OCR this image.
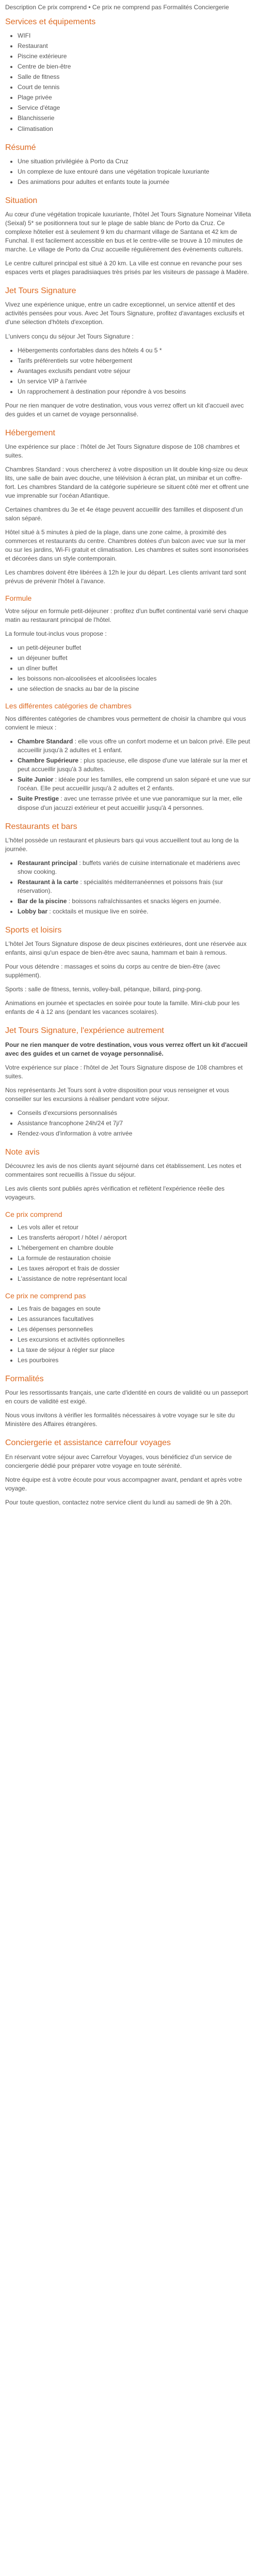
Description Ce prix comprend • Ce prix ne comprend pas Formalités Conciergerie

Services et équipements
• WIFI
• Restaurant
• Piscine extérieure
• Centre de bien-être
• Salle de fitness
• Court de tennis
• Plage privée
• Service d'étage
• Blanchisserie
• Climatisation
Résumé
• Une situation privilégiée à Porto da Cruz
• Un complexe de luxe entouré dans une végétation tropicale luxuriante
• Des animations pour adultes et enfants toute la journée
Situation

Au cœur d'une végétation tropicale luxuriante, l'hôtel Jet Tours Signature Nomeinar Villeta (Seixal) 5* se positionnera tout sur le plage de sable blanc de Porto da Cruz. Ce complexe hôtelier est à seulement 9 km du charmant village de Santana et 42 km de Funchal. Il est facilement accessible en bus et le centre-ville se trouve à 10 minutes de marche. Le village de Porto da Cruz accueille régulièrement des évènements culturels.

Le centre culturel principal est situé à 20 km. La ville est connue en revanche pour ses espaces verts et plages paradisiaques très prisés par les visiteurs de passage à Madère.

Jet Tours Signature

Vivez une expérience unique, entre un cadre exceptionnel, un service attentif et des activités pensées pour vous. Avec Jet Tours Signature, profitez d'avantages exclusifs et d'une sélection d'hôtels d'exception.

L'univers conçu du séjour Jet Tours Signature :

• Hébergements confortables dans des hôtels 4 ou 5 *
• Tarifs préférentiels sur votre hébergement
• Avantages exclusifs pendant votre séjour
• Un service VIP à l'arrivée
• Un rapprochement à destination pour répondre à vos besoins

Pour ne rien manquer de votre destination, vous vous verrez offert un kit d'accueil avec des guides et un carnet de voyage personnalisé.

Hébergement

Une expérience sur place : l'hôtel de Jet Tours Signature dispose de 108 chambres et suites.

Chambres Standard : vous chercherez à votre disposition un lit double king-size ou deux lits, une salle de bain avec douche, une télévision à écran plat, un minibar et un coffre-fort. Les chambres Standard de la catégorie supérieure se situent côté mer et offrent une vue imprenable sur l'océan Atlantique.

Certaines chambres du 3e et 4e étage peuvent accueillir des familles et disposent d'un salon séparé.

Hôtel situé à 5 minutes à pied de la plage, dans une zone calme, à proximité des commerces et restaurants du centre. Chambres dotées d'un balcon avec vue sur la mer ou sur les jardins, Wi-Fi gratuit et climatisation. Les chambres et suites sont insonorisées et décorées dans un style contemporain.

Les chambres doivent être libérées à 12h le jour du départ. Les clients arrivant tard sont prévus de prévenir l'hôtel à l'avance.

Formule

Votre séjour en formule petit-déjeuner : profitez d'un buffet continental varié servi chaque matin au restaurant principal de l'hôtel.

La formule tout-inclus vous propose :

• un petit-déjeuner buffet
• un déjeuner buffet
• un dîner buffet
• les boissons non-alcoolisées et alcoolisées locales
• une sélection de snacks au bar de la piscine
Les différentes catégories de chambres

Nos différentes catégories de chambres vous permettent de choisir la chambre qui vous convient le mieux :

• Chambre Standard : elle vous offre un confort moderne et un balcon privé. Elle peut accueillir jusqu'à 2 adultes et 1 enfant.
• Chambre Supérieure : plus spacieuse, elle dispose d'une vue latérale sur la mer et peut accueillir jusqu'à 3 adultes.
• Suite Junior : idéale pour les familles, elle comprend un salon séparé et une vue sur l'océan. Elle peut accueillir jusqu'à 2 adultes et 2 enfants.
• Suite Prestige : avec une terrasse privée et une vue panoramique sur la mer, elle dispose d'un jacuzzi extérieur et peut accueillir jusqu'à 4 personnes.
Restaurants et bars

L'hôtel possède un restaurant et plusieurs bars qui vous accueillent tout au long de la journée.

• Restaurant principal : buffets variés de cuisine internationale et madériens avec show cooking.
• Restaurant à la carte : spécialités méditerranéennes et poissons frais (sur réservation).
• Bar de la piscine : boissons rafraîchissantes et snacks légers en journée.
• Lobby bar : cocktails et musique live en soirée.
Sports et loisirs

L'hôtel Jet Tours Signature dispose de deux piscines extérieures, dont une réservée aux enfants, ainsi qu'un espace de bien-être avec sauna, hammam et bain à remous.

Pour vous détendre : massages et soins du corps au centre de bien-être (avec supplément).

Sports : salle de fitness, tennis, volley-ball, pétanque, billard, ping-pong.

Animations en journée et spectacles en soirée pour toute la famille. Mini-club pour les enfants de 4 à 12 ans (pendant les vacances scolaires).

Jet Tours Signature, l'expérience autrement

Pour ne rien manquer de votre destination, vous vous verrez offert un kit d'accueil avec des guides et un carnet de voyage personnalisé.

Votre expérience sur place : l'hôtel de Jet Tours Signature dispose de 108 chambres et suites.

Nos représentants Jet Tours sont à votre disposition pour vous renseigner et vous conseiller sur les excursions à réaliser pendant votre séjour.

• Conseils d'excursions personnalisés
• Assistance francophone 24h/24 et 7j/7
• Rendez-vous d'information à votre arrivée
Note avis

Découvrez les avis de nos clients ayant séjourné dans cet établissement. Les notes et commentaires sont recueillis à l'issue du séjour.

Les avis clients sont publiés après vérification et reflètent l'expérience réelle des voyageurs.

Ce prix comprend
• Les vols aller et retour
• Les transferts aéroport / hôtel / aéroport
• L'hébergement en chambre double
• La formule de restauration choisie
• Les taxes aéroport et frais de dossier
• L'assistance de notre représentant local
Ce prix ne comprend pas
• Les frais de bagages en soute
• Les assurances facultatives
• Les dépenses personnelles
• Les excursions et activités optionnelles
• La taxe de séjour à régler sur place
• Les pourboires
Formalités

Pour les ressortissants français, une carte d'identité en cours de validité ou un passeport en cours de validité est exigé.

Nous vous invitons à vérifier les formalités nécessaires à votre voyage sur le site du Ministère des Affaires étrangères.

Conciergerie et assistance carrefour voyages

En réservant votre séjour avec Carrefour Voyages, vous bénéficiez d'un service de conciergerie dédié pour préparer votre voyage en toute sérénité.

Notre équipe est à votre écoute pour vous accompagner avant, pendant et après votre voyage.

Pour toute question, contactez notre service client du lundi au samedi de 9h à 20h.
